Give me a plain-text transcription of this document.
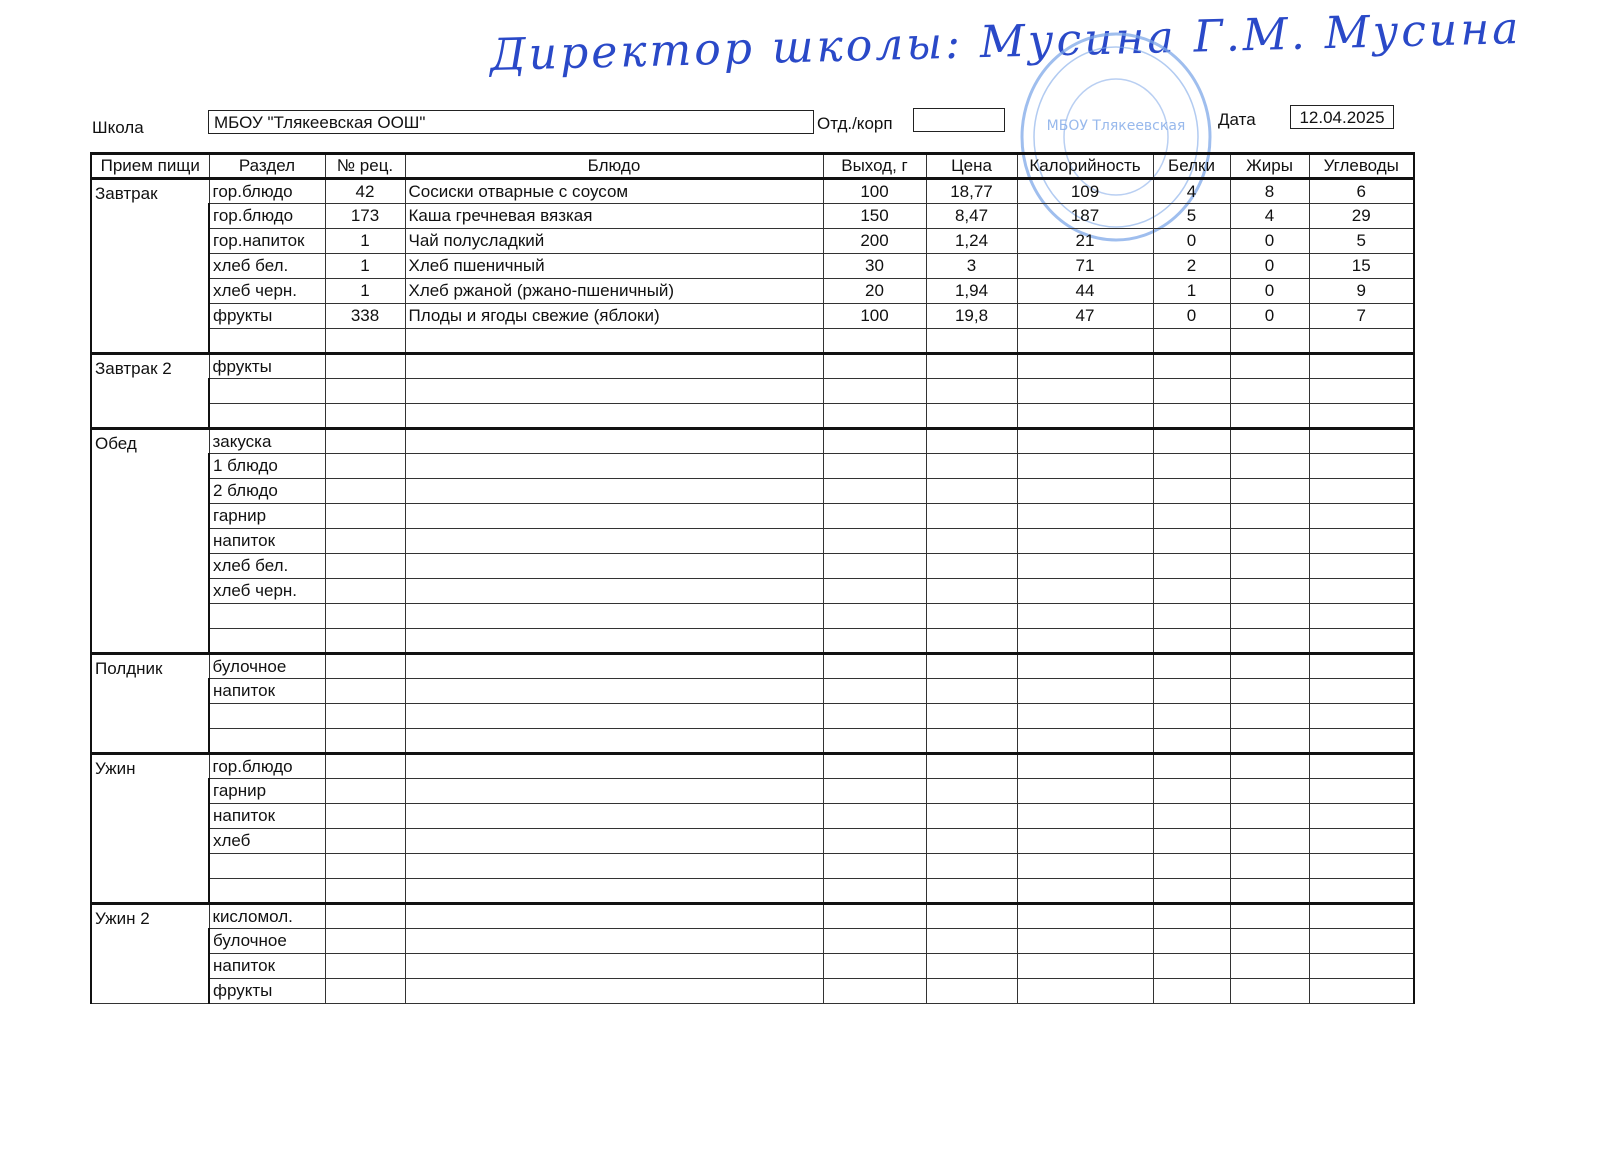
Директор школы: Мусина Г.М. Мусина
МБОУ Тлякеевская
Школа	МБОУ "Тлякеевская ООШ"	Отд./корп	Дата	12.04.2025
Прием пищи	Раздел	№ рец.	Блюдо	Выход, г	Цена	Калорийность	Белки	Жиры	Углеводы
Завтрак	гор.блюдо	42	Сосиски отварные с соусом	100	18,77	109	4	8	6
	гор.блюдо	173	Каша гречневая вязкая	150	8,47	187	5	4	29
	гор.напиток	1	Чай полусладкий	200	1,24	21	0	0	5
	хлеб бел.	1	Хлеб пшеничный	30	3	71	2	0	15
	хлеб черн.	1	Хлеб ржаной (ржано-пшеничный)	20	1,94	44	1	0	9
	фрукты	338	Плоды и ягоды свежие (яблоки)	100	19,8	47	0	0	7

Завтрак 2	фрукты								

Обед	закуска								
	1 блюдо								
	2 блюдо								
	гарнир								
	напиток								
	хлеб бел.								
	хлеб черн.								

Полдник	булочное								
	напиток								

Ужин	гор.блюдо								
	гарнир								
	напиток								
	хлеб								

Ужин 2	кисломол.								
	булочное								
	напиток								
	фрукты								
